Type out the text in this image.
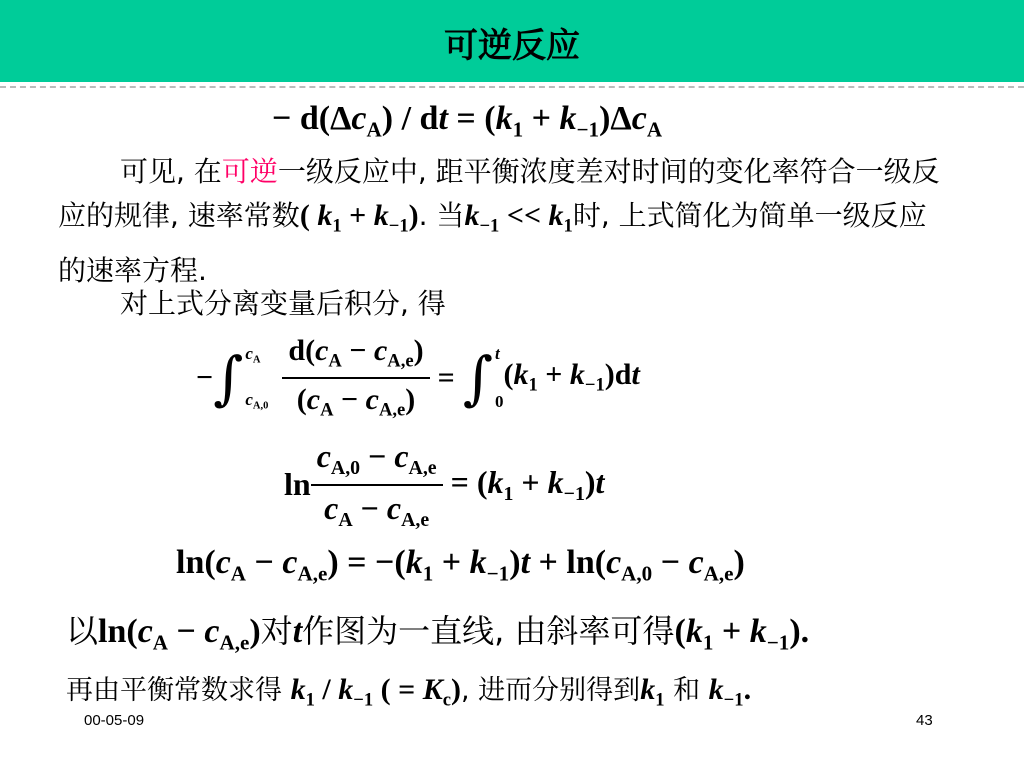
可逆反应
− $d(\Delta c_A)$ / dt = $(k_1 + k_{-1})\Delta c_A$
可见, 在可逆一级反应中, 距平衡浓度差对时间的变化率符合一级反应的规律, 速率常数( $k_1 + k_{-1}$). 当$k_{-1} << k_1$时, 上式简化为简单一级反应的速率方程.
对上式分离变量后积分, 得
− ∫ $c_A$
$c_{A,0} \frac{d(c_A - c_{A,e})}{(c_A - c_{A,e})}$ = ∫ t
0
$(k_1 + k_{-1})dt$
$\ln \frac{c_{A,0} - c_{A,e}}{c_A - c_{A,e}} = (k_1 + k_{-1})t$
$\ln(c_A - c_{A,e}) = -(k_1 + k_{-1})t + \ln(c_{A,0} - c_{A,e})$
以$\ln(c_A - c_{A,e})$对t作图为一直线, 由斜率可得$(k_1 + k_{-1})$.
再由平衡常数求得 $k_1 / k_{-1}$ ( = $K_c$), 进而分别得到$k_1$ 和 $k_{-1}$.
00-05-09	43
